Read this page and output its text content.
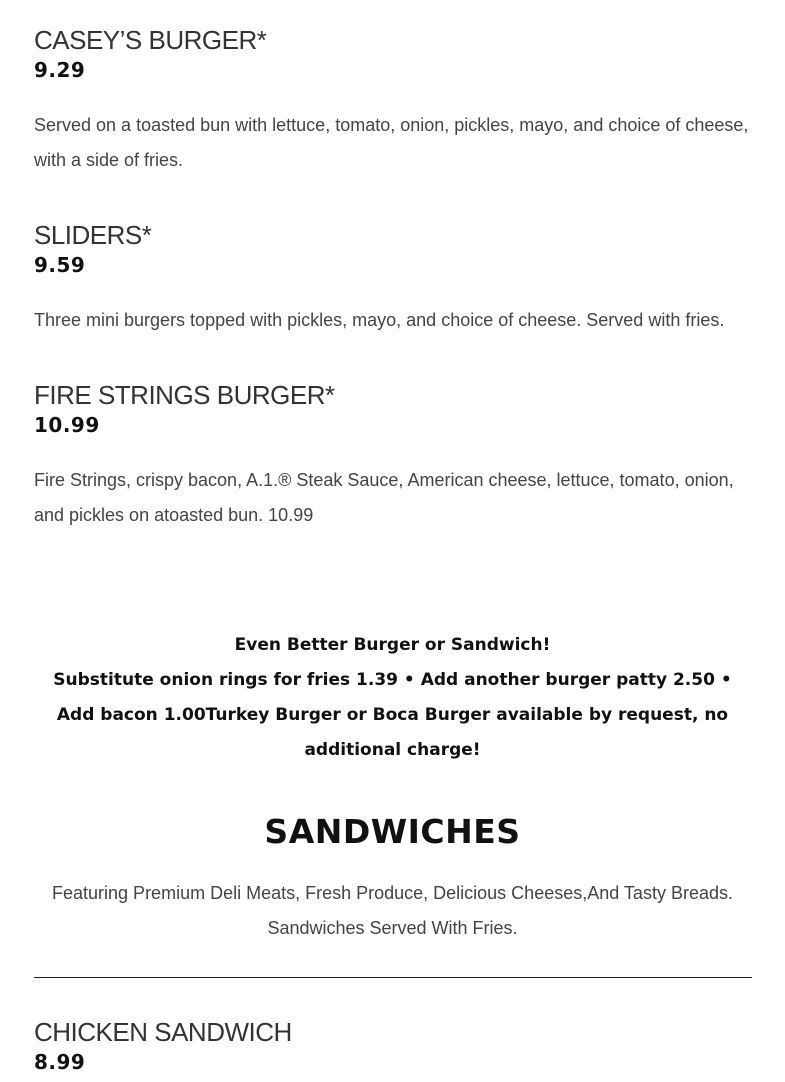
CASEY’S BURGER*
9.29

Served on a toasted bun with lettuce, tomato, onion, pickles, mayo, and choice of cheese, with a side of fries.

SLIDERS*
9.59

Three mini burgers topped with pickles, mayo, and choice of cheese. Served with fries.

FIRE STRINGS BURGER*
10.99

Fire Strings, crispy bacon, A.1.® Steak Sauce, American cheese, lettuce, tomato, onion, and pickles on atoasted bun. 10.99

Even Better Burger or Sandwich!

Substitute onion rings for fries 1.39 • Add another burger patty 2.50 • Add bacon 1.00Turkey Burger or Boca Burger available by request, no additional charge!

SANDWICHES

Featuring Premium Deli Meats, Fresh Produce, Delicious Cheeses,And Tasty Breads.

Sandwiches Served With Fries.

CHICKEN SANDWICH
8.99
